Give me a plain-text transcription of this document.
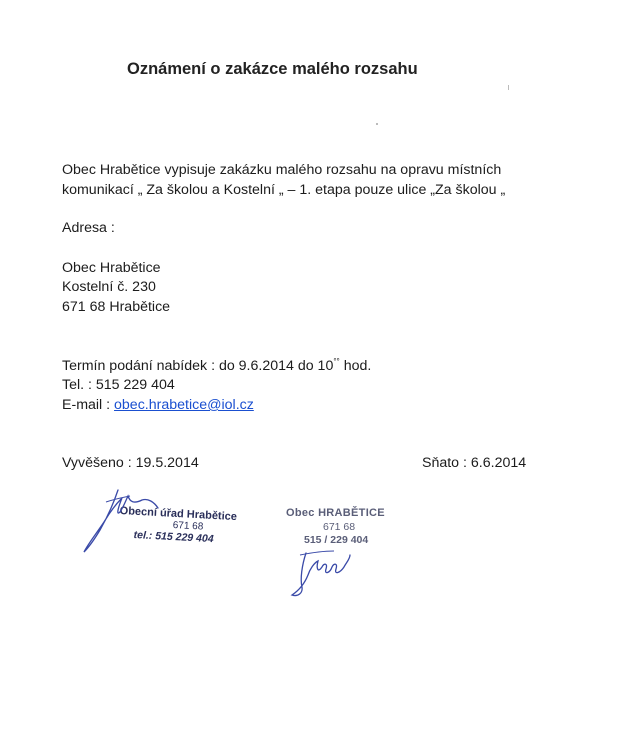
Oznámení o zakázce malého rozsahu
Obec Hrabětice vypisuje zakázku malého rozsahu na opravu místních
komunikací „ Za školou a Kostelní „ – 1. etapa pouze ulice „Za školou „
Adresa :
Obec Hrabětice
Kostelní č. 230
671 68 Hrabětice
Termín podání nabídek : do 9.6.2014 do 10°° hod.
Tel. : 515 229 404
E-mail : obec.hrabetice@iol.cz
Vyvěšeno : 19.5.2014	Sňato : 6.6.2014
Obecní úřad Hrabětice
671 68
tel.: 515 229 404
Obec HRABĚTICE
671 68
515 / 229 404
